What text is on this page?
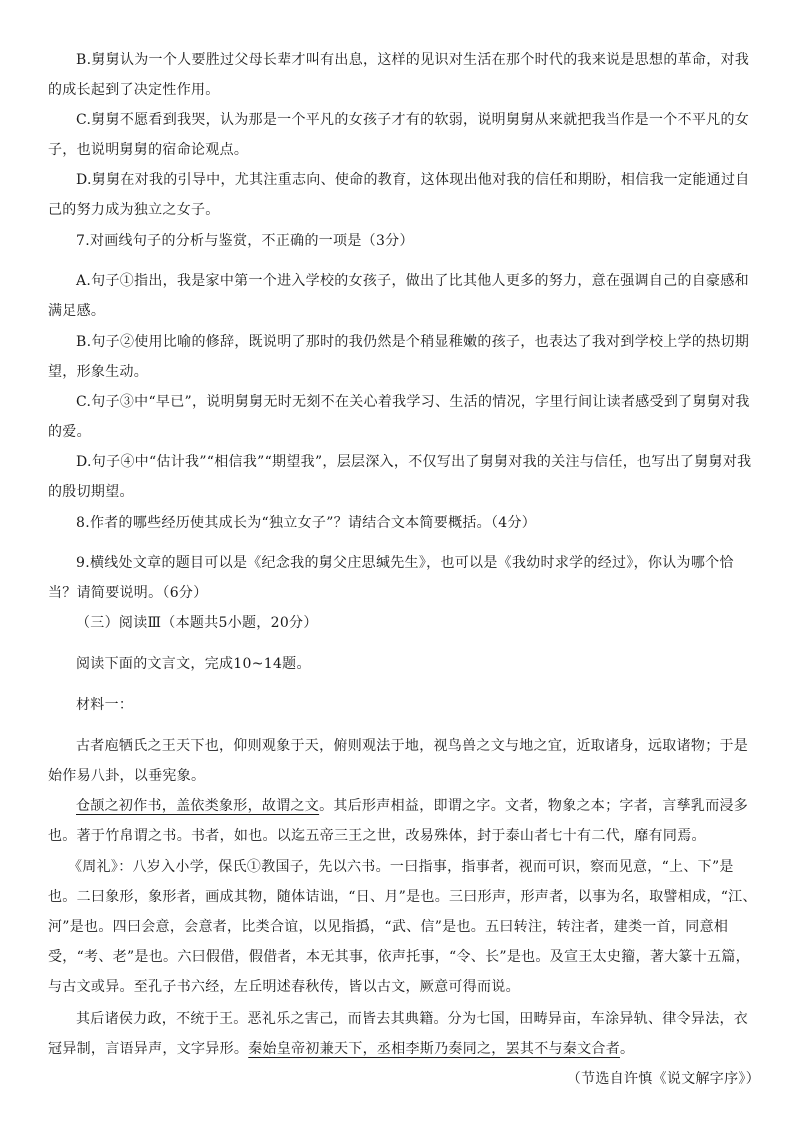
B.舅舅认为一个人要胜过父母长辈才叫有出息，这样的见识对生活在那个时代的我来说是思想的革命，对我的成长起到了决定性作用。

C.舅舅不愿看到我哭，认为那是一个平凡的女孩子才有的软弱，说明舅舅从来就把我当作是一个不平凡的女子，也说明舅舅的宿命论观点。

D.舅舅在对我的引导中，尤其注重志向、使命的教育，这体现出他对我的信任和期盼，相信我一定能通过自己的努力成为独立之女子。

7.对画线句子的分析与鉴赏，不正确的一项是（3分）

A.句子①指出，我是家中第一个进入学校的女孩子，做出了比其他人更多的努力，意在强调自己的自豪感和满足感。

B.句子②使用比喻的修辞，既说明了那时的我仍然是个稍显稚嫩的孩子，也表达了我对到学校上学的热切期望，形象生动。

C.句子③中“早已”，说明舅舅无时无刻不在关心着我学习、生活的情况，字里行间让读者感受到了舅舅对我的爱。

D.句子④中“估计我”“相信我”“期望我”，层层深入，不仅写出了舅舅对我的关注与信任，也写出了舅舅对我的殷切期望。

8.作者的哪些经历使其成长为“独立女子”？请结合文本简要概括。（4分）

9.横线处文章的题目可以是《纪念我的舅父庄思缄先生》，也可以是《我幼时求学的经过》，你认为哪个恰当？请简要说明。（6分）

（三）阅读Ⅲ（本题共5小题，20分）

阅读下面的文言文，完成10~14题。

材料一：

古者庖牺氏之王天下也，仰则观象于天，俯则观法于地，视鸟兽之文与地之宜，近取诸身，远取诸物；于是始作易八卦，以垂宪象。

仓颉之初作书，盖依类象形，故谓之文。其后形声相益，即谓之字。文者，物象之本；字者，言孳乳而浸多也。著于竹帛谓之书。书者，如也。以迄五帝三王之世，改易殊体，封于泰山者七十有二代，靡有同焉。

《周礼》：八岁入小学，保氏①教国子，先以六书。一曰指事，指事者，视而可识，察而见意，“上、下”是也。二曰象形，象形者，画成其物，随体诘诎，“日、月”是也。三曰形声，形声者，以事为名，取譬相成，“江、河”是也。四曰会意，会意者，比类合谊，以见指撝，“武、信”是也。五曰转注，转注者，建类一首，同意相受，“考、老”是也。六曰假借，假借者，本无其事，依声托事，“令、长”是也。及宣王太史籀，著大篆十五篇，与古文或异。至孔子书六经，左丘明述春秋传，皆以古文，厥意可得而说。

其后诸侯力政，不统于王。恶礼乐之害己，而皆去其典籍。分为七国，田畴异亩，车涂异轨、律令异法，衣冠异制，言语异声，文字异形。秦始皇帝初兼天下，丞相李斯乃奏同之，罢其不与秦文合者。

（节选自许慎《说文解字序》）
